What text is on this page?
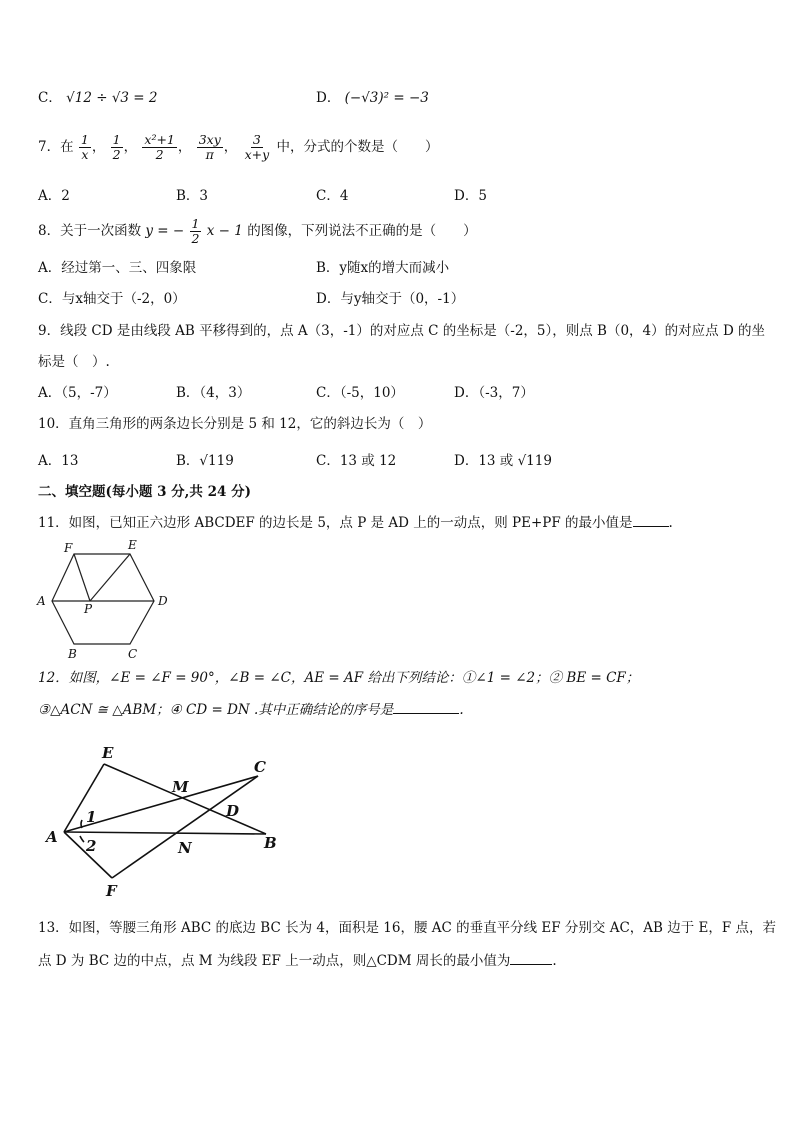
C． √12 ÷ √3 = 2	D． (−√3)² = −3
7．在 $\frac{1}{x}$ ， $\frac{1}{2}$ ， $\frac{\text{x²+1}}{2}$ ， $\frac{3xy}{\pi}$ ， $\frac{3}{x+y}$ 中，分式的个数是（　　）
A．2	B．3	C．4	D．5
8．关于一次函数 y = − $\frac{1}{2}$ x − 1 的图像，下列说法不正确的是（　　）
A．经过第一、三、四象限	B．y随x的增大而减小
C．与x轴交于（-2，0）	D．与y轴交于（0，-1）
9．线段 CD 是由线段 AB 平移得到的，点 A（3，-1）的对应点 C 的坐标是（-2，5），则点 B（0，4）的对应点 D 的坐
标是（　）.
A．（5，-7）	B．（4，3）	C．（-5，10）	D．（-3，7）
10．直角三角形的两条边长分别是 5 和 12，它的斜边长为（　）
A．13	B．√119	C．13 或 12	D．13 或 √119
二、填空题(每小题 3 分,共 24 分)
11．如图，已知正六边形 ABCDEF 的边长是 5，点 P 是 AD 上的一动点，则 PE+PF 的最小值是	.
F	E
A
P
D
B	C
12．如图，∠E = ∠F = 90°，∠B = ∠C，AE = AF 给出下列结论：①∠1 = ∠2；② BE = CF；
③△ACN ≅ △ABM；④ CD = DN .其中正确结论的序号是	.
E
C
M
D
A
1
2	N	B
F
13．如图，等腰三角形 ABC 的底边 BC 长为 4，面积是 16，腰 AC 的垂直平分线 EF 分别交 AC，AB 边于 E，F 点，若
点 D 为 BC 边的中点，点 M 为线段 EF 上一动点，则△CDM 周长的最小值为	.
